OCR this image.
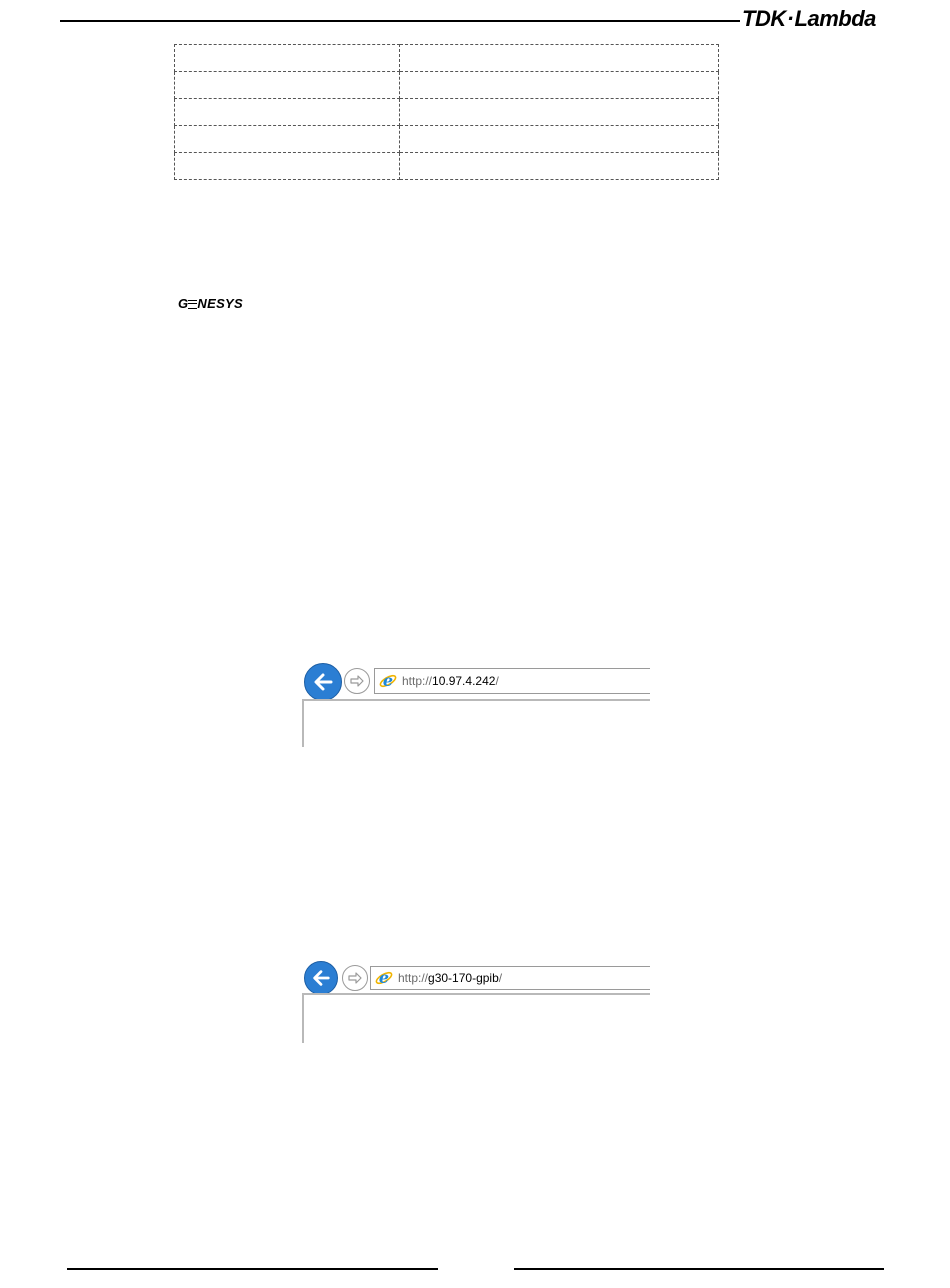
TDK·Lambda

G NESYS
e http://10.97.4.242/
e http://g30-170-gpib/
